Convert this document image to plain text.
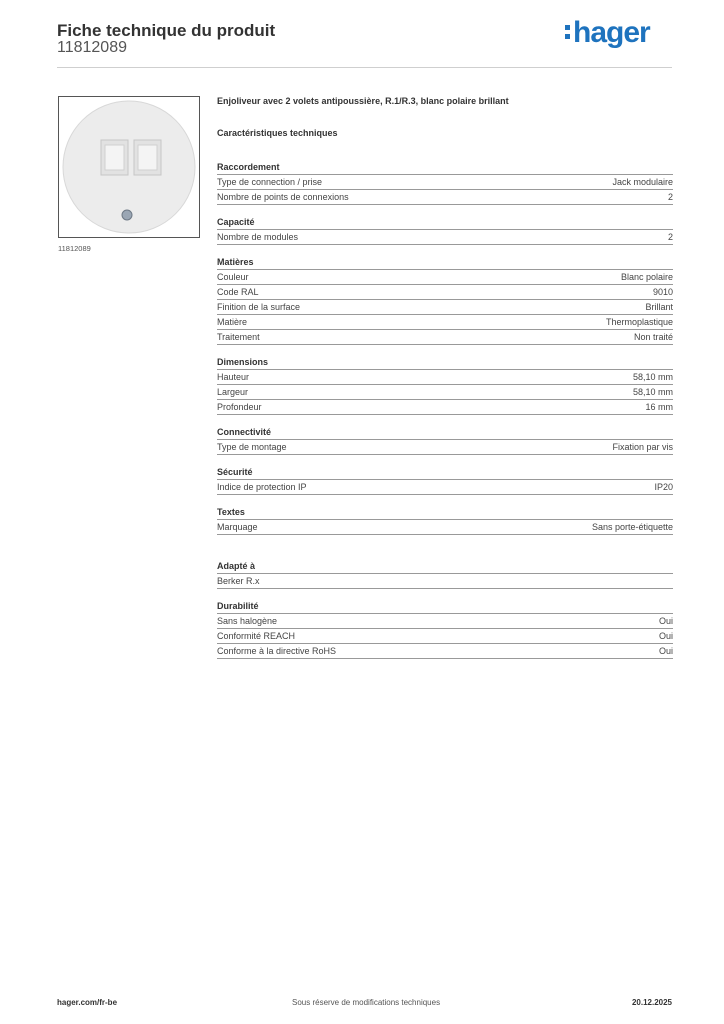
Fiche technique du produit
11812089	hager
11812089
Enjoliveur avec 2 volets antipoussière, R.1/R.3, blanc polaire brillant
Caractéristiques techniques
Raccordement
Type de connection / prise	Jack modulaire
Nombre de points de connexions	2
Capacité
Nombre de modules	2
Matières
Couleur	Blanc polaire
Code RAL	9010
Finition de la surface	Brillant
Matière	Thermoplastique
Traitement	Non traité
Dimensions
Hauteur	58,10 mm
Largeur	58,10 mm
Profondeur	16 mm
Connectivité
Type de montage	Fixation par vis
Sécurité
Indice de protection IP	IP20
Textes
Marquage	Sans porte-étiquette
Adapté à
Berker R.x
Durabilité
Sans halogène	Oui
Conformité REACH	Oui
Conforme à la directive RoHS	Oui
hager.com/fr-be	Sous réserve de modifications techniques	20.12.2025
